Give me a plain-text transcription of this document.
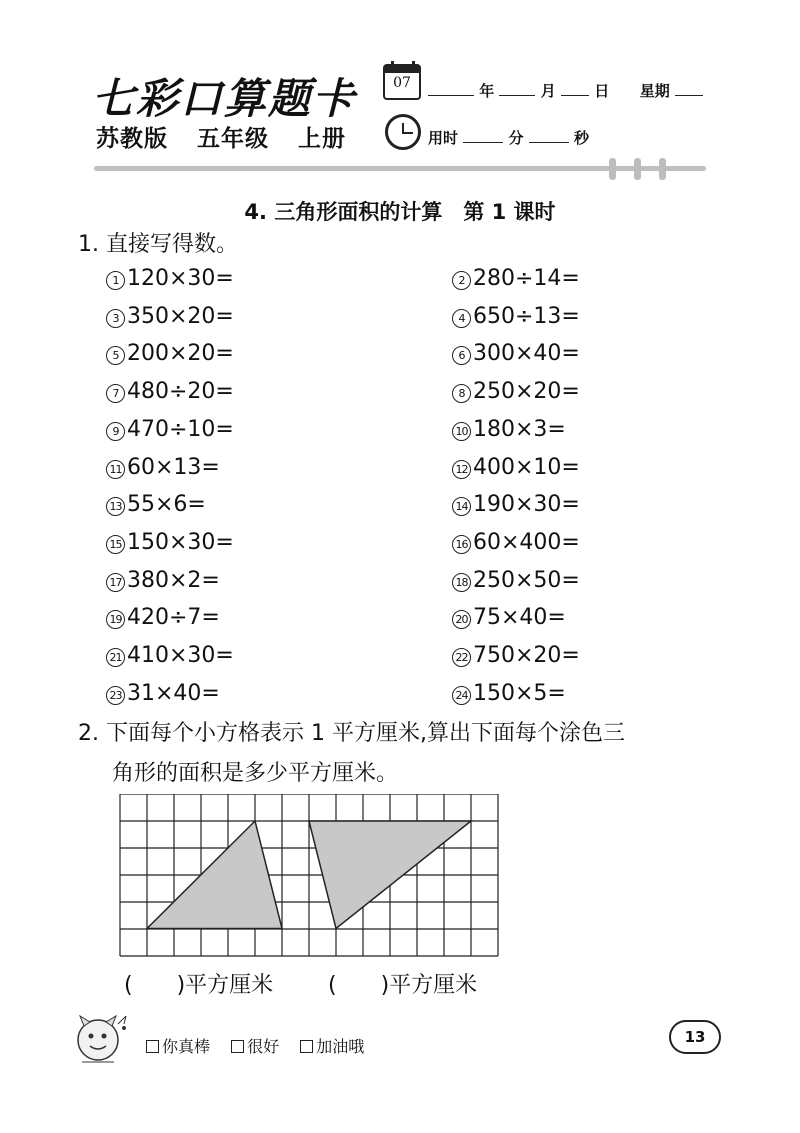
七彩口算题卡
苏教版 五年级 上册
07	年	月	日 星期
用时	分	秒
4. 三角形面积的计算　第 1 课时
1. 直接写得数。
1 120×30=	2 280÷14=
3 350×20=	4 650÷13=
5 200×20=	6 300×40=
7 480÷20=	8 250×20=
9 470÷10=	10 180×3=
11 60×13=	12 400×10=
13 55×6=	14 190×30=
15 150×30=	16 60×400=
17 380×2=	18 250×50=
19 420÷7=	20 75×40=
21 410×30=	22 750×20=
23 31×40=	24 150×5=
2. 下面每个小方格表示 1 平方厘米,算出下面每个涂色三
角形的面积是多少平方厘米。
(　　)平方厘米 (　　)平方厘米
你真棒 很好 加油哦	13
